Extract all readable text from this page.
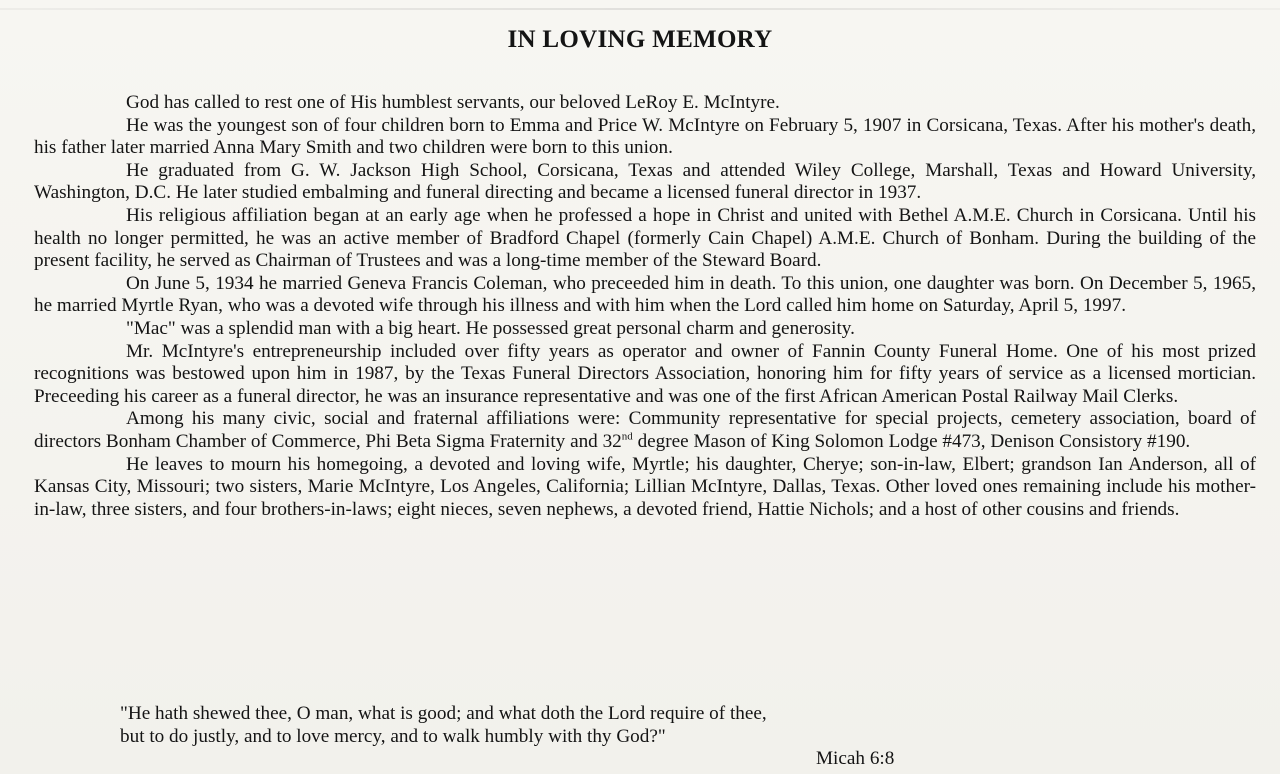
IN LOVING MEMORY

God has called to rest one of His humblest servants, our beloved LeRoy E. McIntyre.

He was the youngest son of four children born to Emma and Price W. McIntyre on February 5, 1907 in Corsicana, Texas. After his mother's death, his father later married Anna Mary Smith and two children were born to this union.

He graduated from G. W. Jackson High School, Corsicana, Texas and attended Wiley College, Marshall, Texas and Howard University, Washington, D.C. He later studied embalming and funeral directing and became a licensed funeral director in 1937.

His religious affiliation began at an early age when he professed a hope in Christ and united with Bethel A.M.E. Church in Corsicana. Until his health no longer permitted, he was an active member of Bradford Chapel (formerly Cain Chapel) A.M.E. Church of Bonham. During the building of the present facility, he served as Chairman of Trustees and was a long-time member of the Steward Board.

On June 5, 1934 he married Geneva Francis Coleman, who preceeded him in death. To this union, one daughter was born. On December 5, 1965, he married Myrtle Ryan, who was a devoted wife through his illness and with him when the Lord called him home on Saturday, April 5, 1997.

"Mac" was a splendid man with a big heart. He possessed great personal charm and generosity.

Mr. McIntyre's entrepreneurship included over fifty years as operator and owner of Fannin County Funeral Home. One of his most prized recognitions was bestowed upon him in 1987, by the Texas Funeral Directors Association, honoring him for fifty years of service as a licensed mortician. Preceeding his career as a funeral director, he was an insurance representative and was one of the first African American Postal Railway Mail Clerks.

Among his many civic, social and fraternal affiliations were: Community representative for special projects, cemetery association, board of directors Bonham Chamber of Commerce, Phi Beta Sigma Fraternity and 32nd degree Mason of King Solomon Lodge #473, Denison Consistory #190.

He leaves to mourn his homegoing, a devoted and loving wife, Myrtle; his daughter, Cherye; son-in-law, Elbert; grandson Ian Anderson, all of Kansas City, Missouri; two sisters, Marie McIntyre, Los Angeles, California; Lillian McIntyre, Dallas, Texas. Other loved ones remaining include his mother-in-law, three sisters, and four brothers-in-laws; eight nieces, seven nephews, a devoted friend, Hattie Nichols; and a host of other cousins and friends.

"He hath shewed thee, O man, what is good; and what doth the Lord require of thee,
but to do justly, and to love mercy, and to walk humbly with thy God?"
Micah 6:8
